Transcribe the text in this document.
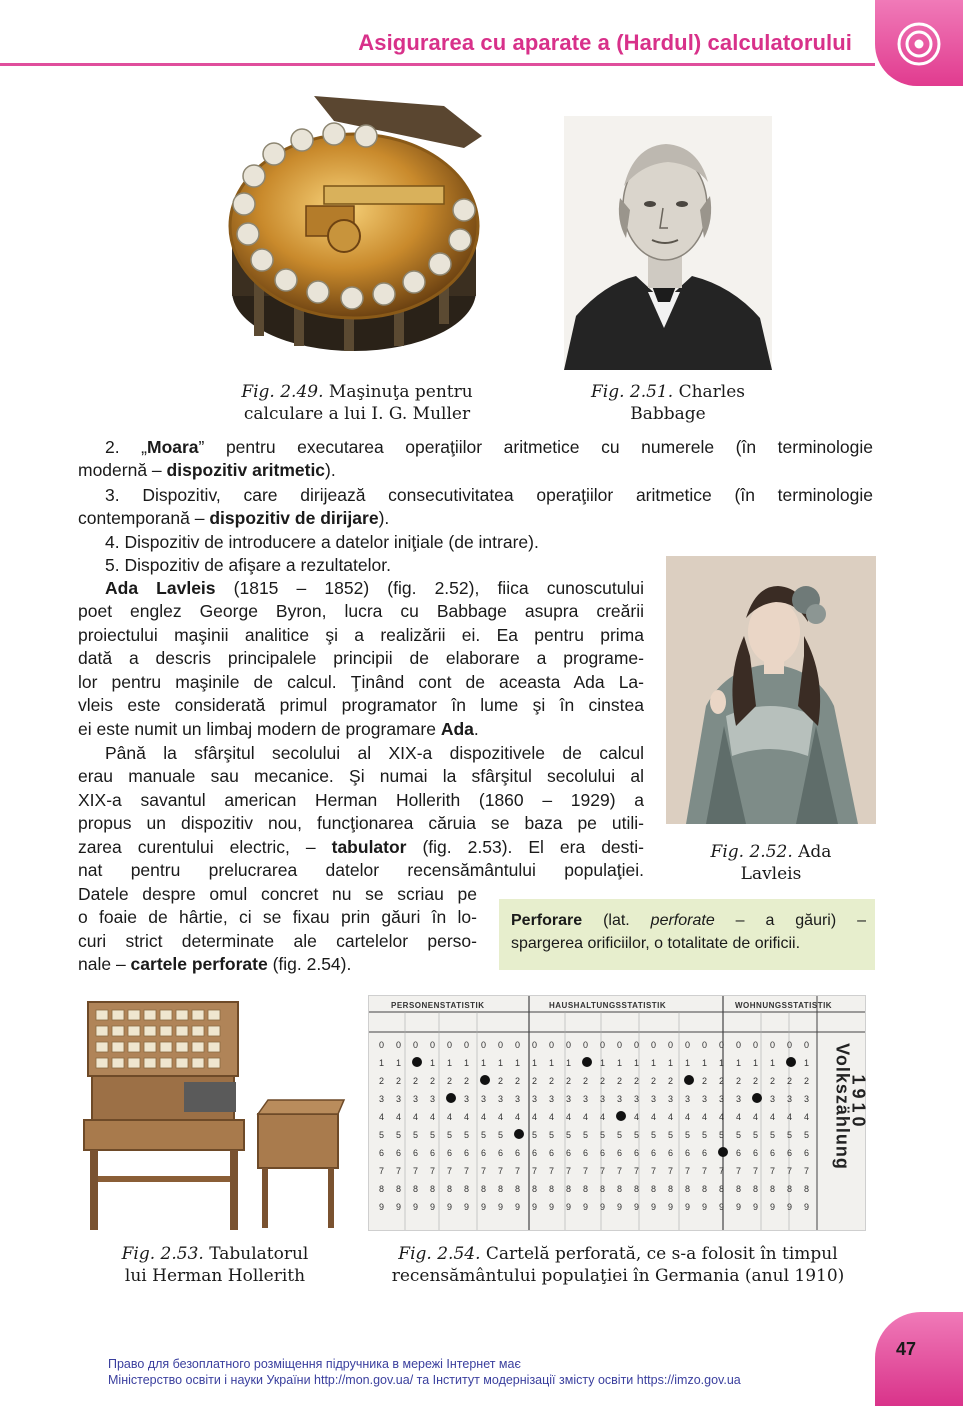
Asigurarea cu aparate a (Hardul) calculatorului
Fig. 2.49. Maşinuţa pentru
calculare a lui I. G. Muller
Fig. 2.51. Charles
Babbage
2. „Moara” pentru executarea operaţiilor aritmetice cu numerele (în terminologie
modernă – dispozitiv aritmetic).
3. Dispozitiv, care dirijează consecutivitatea operaţiilor aritmetice (în terminologie
contemporană – dispozitiv de dirijare).
4. Dispozitiv de introducere a datelor iniţiale (de intrare).
5. Dispozitiv de afişare a rezultatelor.
Ada Lavleis (1815 – 1852) (fig. 2.52), fiica cunoscutului
poet englez George Byron, lucra cu Babbage asupra creării
proiectului maşinii analitice şi a realizării ei. Ea pentru prima
dată a descris principalele principii de elaborare a programe-
lor pentru maşinile de calcul. Ţinând cont de aceasta Ada La-
vleis este considerată primul programator în lume şi în cinstea
ei este numit un limbaj modern de programare Ada.
Până la sfârşitul secolului al XIX-a dispozitivele de calcul
erau manuale sau mecanice. Şi numai la sfârşitul secolului al
XIX-a savantul american Herman Hollerith (1860 – 1929) a
propus un dispozitiv nou, funcţionarea căruia se baza pe utili-
zarea curentului electric, – tabulator (fig. 2.53). El era desti-
nat pentru prelucrarea datelor recensământului populaţiei.
Datele despre omul concret nu se scriau pe
o foaie de hârtie, ci se fixau prin găuri în lo-
curi strict determinate ale cartelelor perso-
nale – cartele perforate (fig. 2.54).
Fig. 2.52. Ada
Lavleis
Perforare (lat. perforate – a găuri) –
spargerea orificiilor, o totalitate de orificii.
Fig. 2.53. Tabulatorul
lui Herman Hollerith
PERSONENSTATISTIK	HAUSHALTUNGSSTATISTIK	WOHNUNGSSTATISTIK
0 0 0 0 0 0 0 0 0 0 0 0 0 0 0 0 0 0 0 0 0 0 0 0 0 0
1 1	1 1 1 1 1 1 1 1 1	1 1 1 1 1 1 1 1 1 1 1	1
2 2 2 2 2 2	2 2 2 2 2 2 2 2 2 2 2	2 2 2 2 2 2 2
3 3 3 3	3 3 3 3 3 3 3 3 3 3 3 3 3 3 3 3 3	3 3 3
4 4 4 4 4 4 4 4 4 4 4 4 4 4	4 4 4 4 4 4 4 4 4 4 4
5 5 5 5 5 5 5 5	5 5 5 5 5 5 5 5 5 5 5 5 5 5 5 5 5
6 6 6 6 6 6 6 6 6 6 6 6 6 6 6 6 6 6 6 6	6 6 6 6 6
7 7 7 7 7 7 7 7 7 7 7 7 7 7 7 7 7 7 7 7 7 7 7 7 7 7
8 8 8 8 8 8 8 8 8 8 8 8 8 8 8 8 8 8 8 8 8 8 8 8 8 8
9 9 9 9 9 9 9 9 9 9 9 9 9 9 9 9 9 9 9 9 9 9 9 9 9 9
Volkszählung
1910
Fig. 2.54. Cartelă perforată, ce s-a folosit în timpul
recensământului populaţiei în Germania (anul 1910)
47
Право для безоплатного розміщення підручника в мережі Інтернет має
Міністерство освіти і науки України http://mon.gov.ua/ та Інститут модернізації змісту освіти https://imzo.gov.ua
